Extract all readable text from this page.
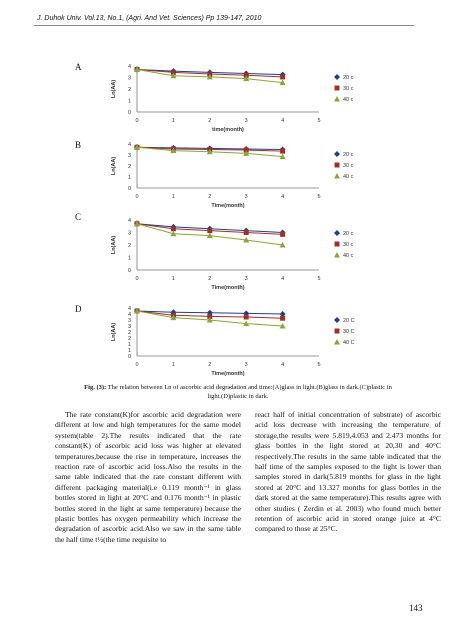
J. Duhok Univ. Vol.13, No.1, (Agri. And Vet. Sciences) Pp 139-147, 2010
A
B
C
D
0
1
2
3
4
0	1	2	3	4	5
time(month)
Ln(AA)
20 c
30 c
40 c
0
1
2
3
4
0	1	2	3	4	5
Time(month)
Ln(AA)
20 c
30 c
40 c
0
1
2
3
4
0	1	2	3	4	5
Time(month)
Ln(AA)
20 c
30 c
40 c
0
1
1
2
2
3
3
4
4
0	1	2	3	4	5
Time(month)
Ln(AA)
20 C
30 C
40 C
Fig. (3): The relation between Ln of ascorbic acid degradation and time:(A)glass in light.(B)glass in dark.(C)plastic in light.(D)plastic in dark.

The rate constant(K)for ascorbic acid degradation were different at low and high temperatures for the same model system(table 2).The results indicated that the rate constant(K) of ascorbic acid loss was higher at elevated temperatures,because the rise in temperature, increases the reaction rate of ascorbic acid loss.Also the results in the same table indicated that the rate constant different with different packaging material(i.e 0.119 month⁻¹ in glass bottles stored in light at 20°C and 0.176 month⁻¹ in plastic bottles stored in the light at same temperature) because the plastic bottles has oxygen permeability which increase the degradation of ascorbic acid.Also we saw in the same table the half time t½(the time requisite to

react half of initial concentration of substrate) of ascorbic acid loss decrease with increasing the temperature of storage,the results were 5.819,4.053 and 2.473 months for glass bottles in the light stored at 20,30 and 40°C respectively.The results in the same table indicated that the half time of the samples exposed to the light is lower than samples stored in dark(5.819 months for glass in the light stored at 20°C and 13.327 months for glass bottles in the dark stored at the same temperature).This results agree with other studies ( Zerdin et al. 2003) who found much better retention of ascorbic acid in stored orange juice at 4°C compared to those at 25°C.

143
